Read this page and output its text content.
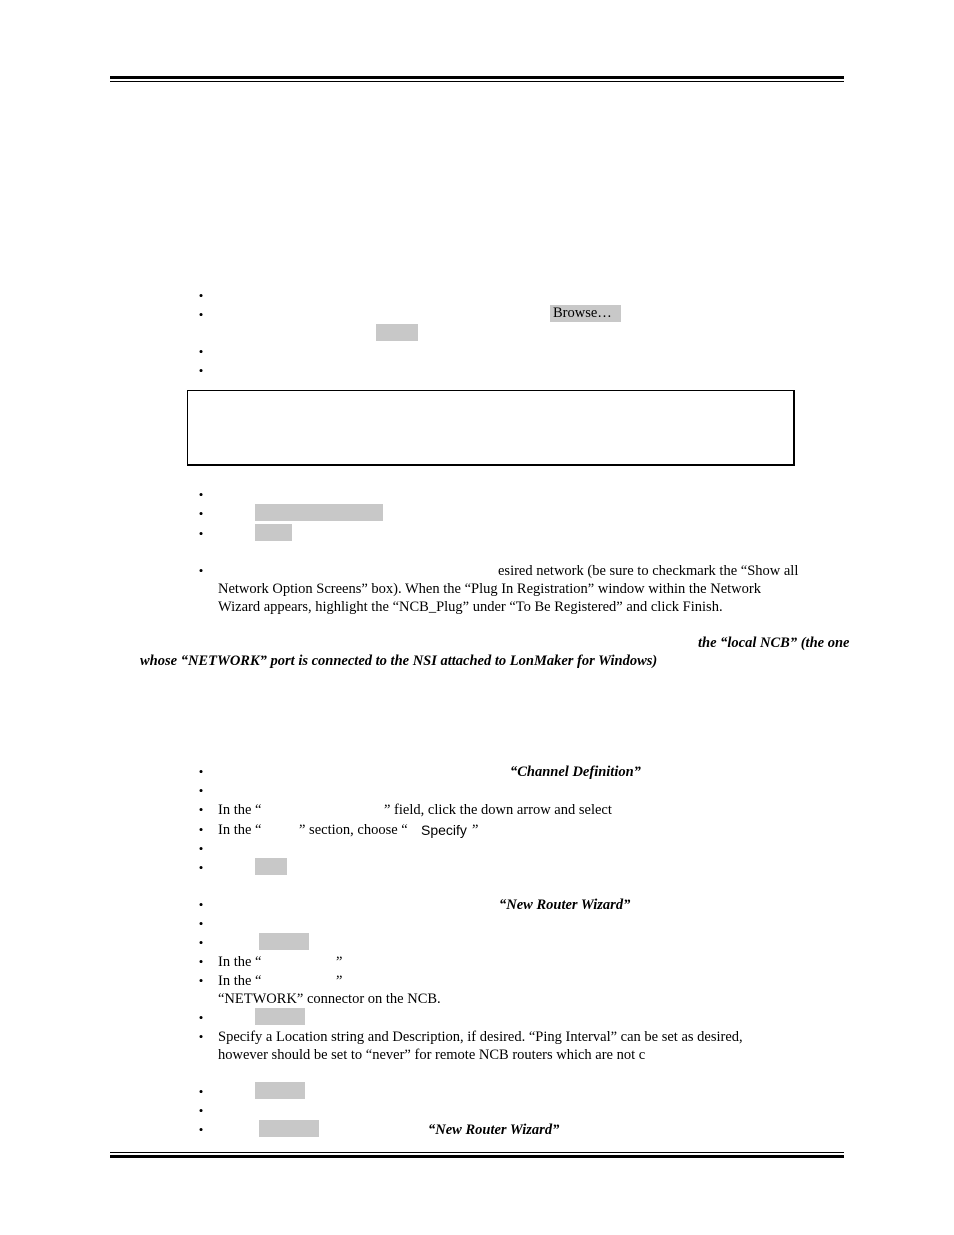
•
•	Browse…
•
•
•
•
•
•	esired network (be sure to checkmark the “Show all
Network Option Screens” box). When the “Plug In Registration” window within the Network
Wizard appears, highlight the “NCB_Plug” under “To Be Registered” and click Finish.
the “local NCB” (the one
whose “NETWORK” port is connected to the NSI attached to LonMaker for Windows)
•	“Channel Definition”
•
• In the “	” field, click the down arrow and select
• In the “	” section, choose “ Specify ”
•
•
•	“New Router Wizard”
•
•
• In the “	”
• In the “	”
“NETWORK” connector on the NCB.
•
• Specify a Location string and Description, if desired. “Ping Interval” can be set as desired,
however should be set to “never” for remote NCB routers which are not c
•
•
•	“New Router Wizard”
